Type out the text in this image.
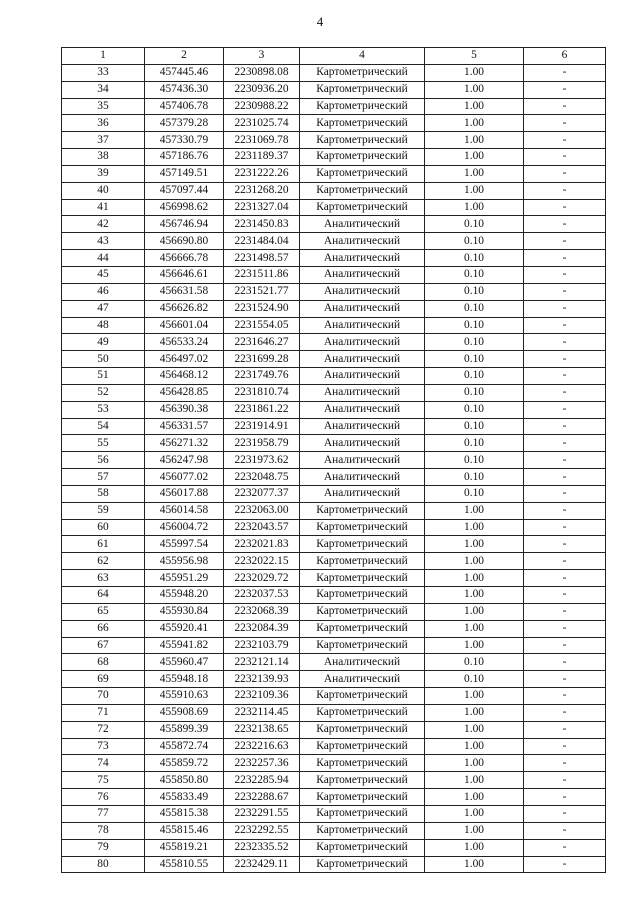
4
1	2	3	4	5	6
33	457445.46	2230898.08	Картометрический	1.00	-
34	457436.30	2230936.20	Картометрический	1.00	-
35	457406.78	2230988.22	Картометрический	1.00	-
36	457379.28	2231025.74	Картометрический	1.00	-
37	457330.79	2231069.78	Картометрический	1.00	-
38	457186.76	2231189.37	Картометрический	1.00	-
39	457149.51	2231222.26	Картометрический	1.00	-
40	457097.44	2231268.20	Картометрический	1.00	-
41	456998.62	2231327.04	Картометрический	1.00	-
42	456746.94	2231450.83	Аналитический	0.10	-
43	456690.80	2231484.04	Аналитический	0.10	-
44	456666.78	2231498.57	Аналитический	0.10	-
45	456646.61	2231511.86	Аналитический	0.10	-
46	456631.58	2231521.77	Аналитический	0.10	-
47	456626.82	2231524.90	Аналитический	0.10	-
48	456601.04	2231554.05	Аналитический	0.10	-
49	456533.24	2231646.27	Аналитический	0.10	-
50	456497.02	2231699.28	Аналитический	0.10	-
51	456468.12	2231749.76	Аналитический	0.10	-
52	456428.85	2231810.74	Аналитический	0.10	-
53	456390.38	2231861.22	Аналитический	0.10	-
54	456331.57	2231914.91	Аналитический	0.10	-
55	456271.32	2231958.79	Аналитический	0.10	-
56	456247.98	2231973.62	Аналитический	0.10	-
57	456077.02	2232048.75	Аналитический	0.10	-
58	456017.88	2232077.37	Аналитический	0.10	-
59	456014.58	2232063.00	Картометрический	1.00	-
60	456004.72	2232043.57	Картометрический	1.00	-
61	455997.54	2232021.83	Картометрический	1.00	-
62	455956.98	2232022.15	Картометрический	1.00	-
63	455951.29	2232029.72	Картометрический	1.00	-
64	455948.20	2232037.53	Картометрический	1.00	-
65	455930.84	2232068.39	Картометрический	1.00	-
66	455920.41	2232084.39	Картометрический	1.00	-
67	455941.82	2232103.79	Картометрический	1.00	-
68	455960.47	2232121.14	Аналитический	0.10	-
69	455948.18	2232139.93	Аналитический	0.10	-
70	455910.63	2232109.36	Картометрический	1.00	-
71	455908.69	2232114.45	Картометрический	1.00	-
72	455899.39	2232138.65	Картометрический	1.00	-
73	455872.74	2232216.63	Картометрический	1.00	-
74	455859.72	2232257.36	Картометрический	1.00	-
75	455850.80	2232285.94	Картометрический	1.00	-
76	455833.49	2232288.67	Картометрический	1.00	-
77	455815.38	2232291.55	Картометрический	1.00	-
78	455815.46	2232292.55	Картометрический	1.00	-
79	455819.21	2232335.52	Картометрический	1.00	-
80	455810.55	2232429.11	Картометрический	1.00	-
